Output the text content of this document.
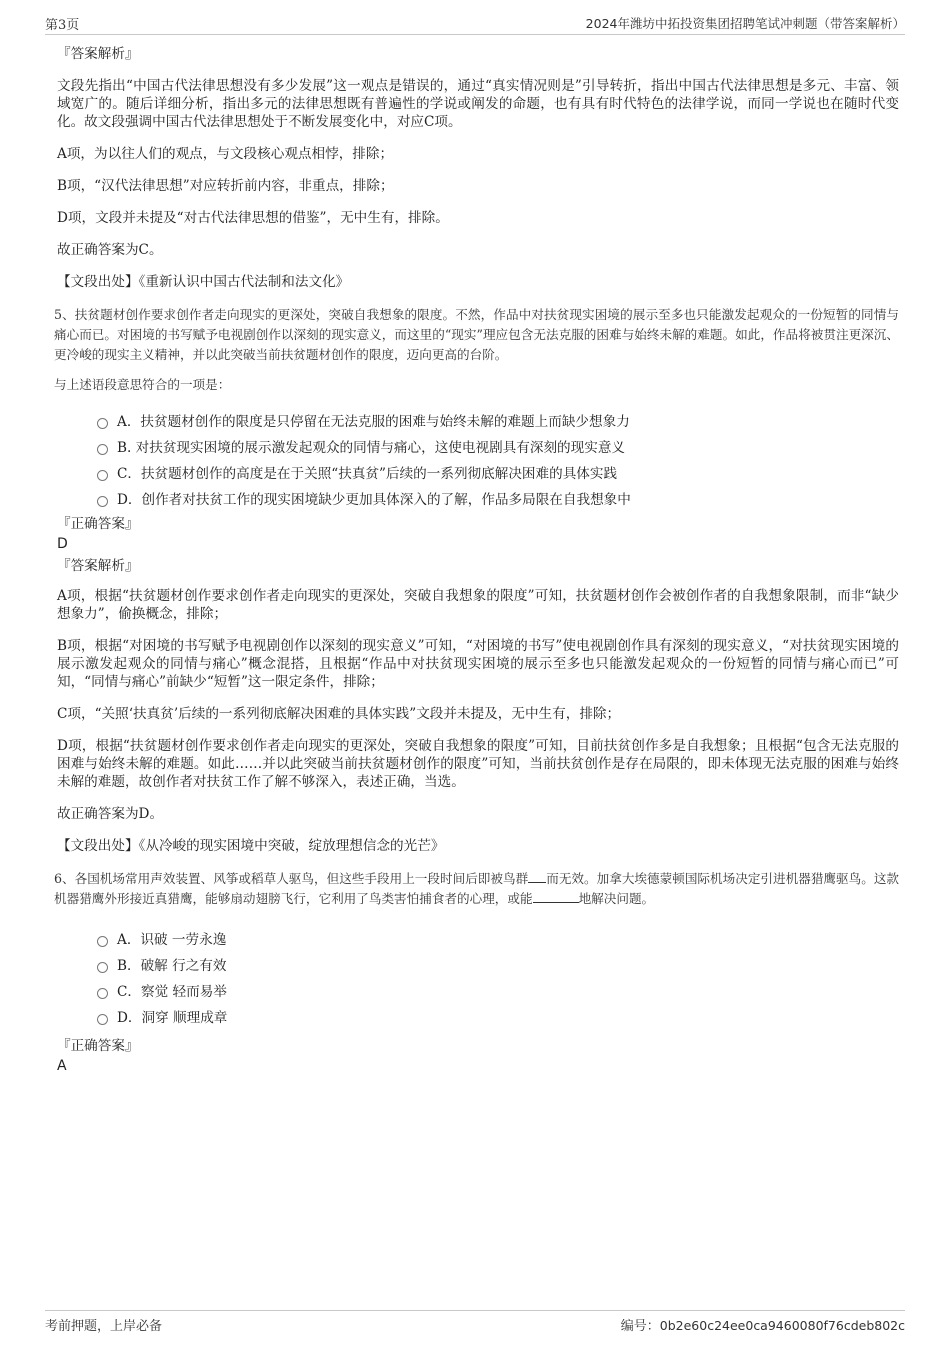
第3页	2024年潍坊中拓投资集团招聘笔试冲刺题（带答案解析）
『答案解析』
文段先指出“中国古代法律思想没有多少发展”这一观点是错误的，通过“真实情况则是”引导转折，指出中国古代法律思想是多元、丰富、领域宽广的。随后详细分析，指出多元的法律思想既有普遍性的学说或阐发的命题，也有具有时代特色的法律学说，而同一学说也在随时代变化。故文段强调中国古代法律思想处于不断发展变化中，对应C项。
A项，为以往人们的观点，与文段核心观点相悖，排除；
B项，“汉代法律思想”对应转折前内容，非重点，排除；
D项，文段并未提及“对古代法律思想的借鉴”，无中生有，排除。
故正确答案为C。
【文段出处】《重新认识中国古代法制和法文化》
5、扶贫题材创作要求创作者走向现实的更深处，突破自我想象的限度。不然，作品中对扶贫现实困境的展示至多也只能激发起观众的一份短暂的同情与痛心而已。对困境的书写赋予电视剧创作以深刻的现实意义，而这里的“现实”理应包含无法克服的困难与始终未解的难题。如此，作品将被贯注更深沉、更冷峻的现实主义精神，并以此突破当前扶贫题材创作的限度，迈向更高的台阶。
与上述语段意思符合的一项是：
A．扶贫题材创作的限度是只停留在无法克服的困难与始终未解的难题上而缺少想象力
B. 对扶贫现实困境的展示激发起观众的同情与痛心，这使电视剧具有深刻的现实意义
C．扶贫题材创作的高度是在于关照“扶真贫”后续的一系列彻底解决困难的具体实践
D．创作者对扶贫工作的现实困境缺少更加具体深入的了解，作品多局限在自我想象中
『正确答案』
D
『答案解析』
A项，根据“扶贫题材创作要求创作者走向现实的更深处，突破自我想象的限度”可知，扶贫题材创作会被创作者的自我想象限制，而非“缺少想象力”，偷换概念，排除；
B项，根据“对困境的书写赋予电视剧创作以深刻的现实意义”可知，“对困境的书写”使电视剧创作具有深刻的现实意义，“对扶贫现实困境的展示激发起观众的同情与痛心”概念混搭，且根据“作品中对扶贫现实困境的展示至多也只能激发起观众的一份短暂的同情与痛心而已”可知，“同情与痛心”前缺少“短暂”这一限定条件，排除；
C项，“关照‘扶真贫’后续的一系列彻底解决困难的具体实践”文段并未提及，无中生有，排除；
D项，根据“扶贫题材创作要求创作者走向现实的更深处，突破自我想象的限度”可知，目前扶贫创作多是自我想象；且根据“包含无法克服的困难与始终未解的难题。如此……并以此突破当前扶贫题材创作的限度”可知，当前扶贫创作是存在局限的，即未体现无法克服的困难与始终未解的难题，故创作者对扶贫工作了解不够深入，表述正确，当选。
故正确答案为D。
【文段出处】《从冷峻的现实困境中突破，绽放理想信念的光芒》
6、各国机场常用声效装置、风筝或稻草人驱鸟，但这些手段用上一段时间后即被鸟群 而无效。加拿大埃德蒙顿国际机场决定引进机器猎鹰驱鸟。这款机器猎鹰外形接近真猎鹰，能够扇动翅膀飞行，它利用了鸟类害怕捕食者的心理，或能	地解决问题。
A．识破 一劳永逸
B．破解 行之有效
C．察觉 轻而易举
D．洞穿 顺理成章
『正确答案』
A
考前押题，上岸必备	编号：0b2e60c24ee0ca9460080f76cdeb802c
